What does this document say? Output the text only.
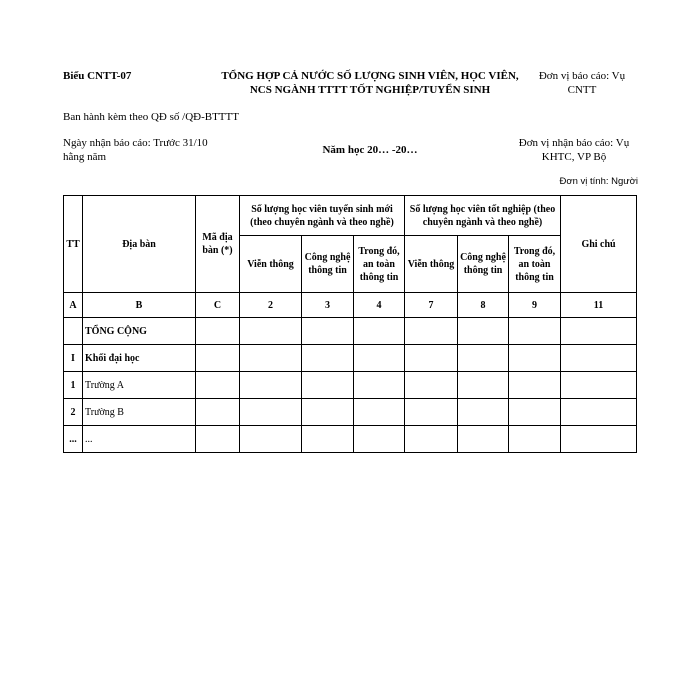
Biểu CNTT-07	TỔNG HỢP CẢ NƯỚC SỐ LƯỢNG SINH VIÊN, HỌC VIÊN,
NCS NGÀNH TTTT TỐT NGHIỆP/TUYỂN SINH
Đơn vị báo cáo: Vụ
CNTT
Ban hành kèm theo QĐ số /QĐ-BTTTT
Ngày nhận báo cáo: Trước 31/10
hằng năm
Năm học 20… -20…
Đơn vị nhận báo cáo: Vụ
KHTC, VP Bộ
Đơn vị tính: Người
TT	Địa bàn	Mã địa bàn (*)	Số lượng học viên tuyển sinh mới (theo chuyên ngành và theo nghề)			Số lượng học viên tốt nghiệp (theo chuyên ngành và theo nghề)			Ghi chú
			Viễn thông	Công nghệ thông tin	Trong đó, an toàn thông tin	Viễn thông	Công nghệ thông tin	Trong đó, an toàn thông tin	
A	B	C	2	3	4	7	8	9	11
	TỔNG CỘNG								
I	Khối đại học								
1	Trường A								
2	Trường B								
...	...								
